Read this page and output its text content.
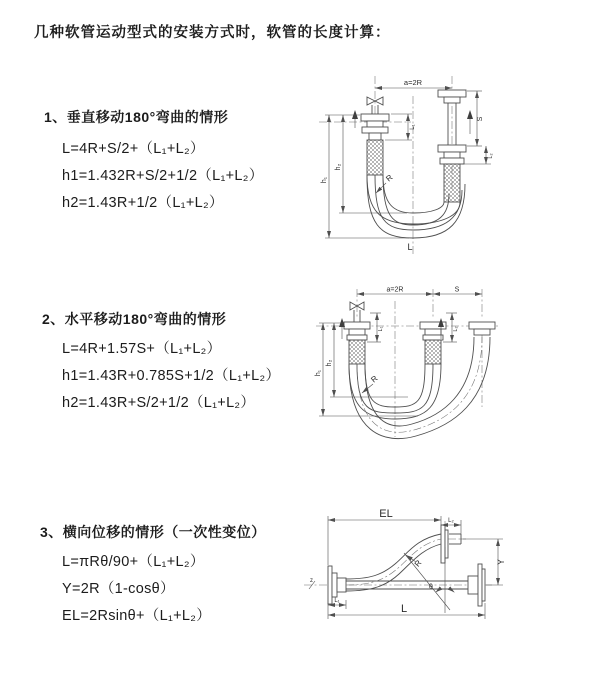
几种软管运动型式的安装方式时，软管的长度计算：
1、垂直移动180°弯曲的情形
L=4R+S/2+（L₁+L₂）
h1=1.432R+S/2+1/2（L₁+L₂）
h2=1.43R+1/2（L₁+L₂）
2、水平移动180°弯曲的情形
L=4R+1.57S+（L₁+L₂）
h1=1.43R+0.785S+1/2（L₁+L₂）
h2=1.43R+S/2+1/2（L₁+L₂）
3、横向位移的情形（一次性变位）
L=πRθ/90+（L₁+L₂）
Y=2R（1-cosθ）
EL=2Rsinθ+（L₁+L₂）
a=2R
L₁
S
L₂
R
h₁
h₂
L
a=2R	S
L₁	L₂
R
h₁
h₂
z
EL
L₂
Y
L
L₁
θ
R
